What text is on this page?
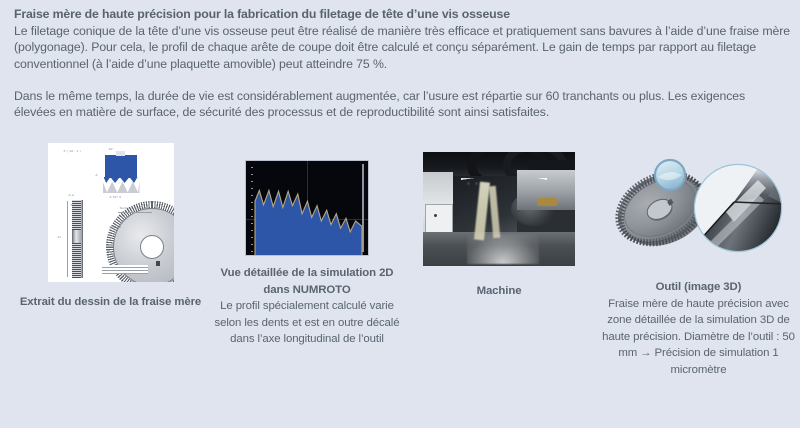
Fraise mère de haute précision pour la fabrication du filetage de tête d’une vis osseuse

Le filetage conique de la tête d’une vis osseuse peut être réalisé de manière très efficace et pratiquement sans bavures à l’aide d’une fraise mère (polygonage). Pour cela, le profil de chaque arête de coupe doit être calculé et conçu séparément. Le gain de temps par rapport au filetage conventionnel (à l’aide d’une plaquette amovible) peut atteindre 75 %.

Dans le même temps, la durée de vie est considérablement augmentée, car l’usure est répartie sur 60 tranchants ou plus. Les exigences élevées en matière de surface, de sécurité des processus et de reproductibilité sont ainsi satisfaites.

X ( 10 : 1 )	10°
A
A 30° A
A-A
2x
Technische Daten
Ø50 h8
Extrait du dessin de la fraise mère
Vue détaillée de la simulation 2D dans NUMROTO
Le profil spécialement calculé varie selon les dents et est en outre décalé dans l’axe longitudinal de l’outil
Machine	Outil (image 3D)
Fraise mère de haute précision avec zone détaillée de la simulation 3D de haute précision. Diamètre de l’outil : 50 mm → Précision de simulation 1 micromètre
